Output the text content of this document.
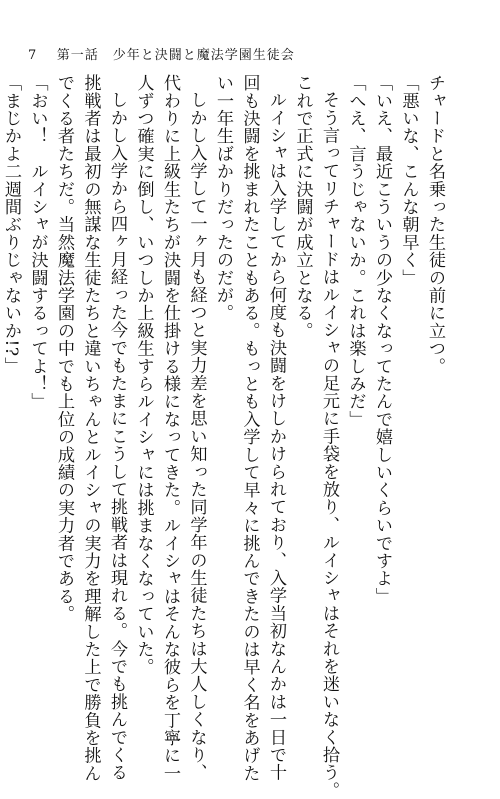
7 第一話　少年と決闘と魔法学園生徒会
チャードと名乗った生徒の前に立つ。
「悪いな、こんな朝早く」
「いえ、最近こういうの少なくなってたんで嬉しいくらいですよ」
「へえ、言うじゃないか。これは楽しみだ」
そう言ってリチャードはルイシャの足元に手袋を放り、ルイシャはそれを迷いなく拾う。
これで正式に決闘が成立となる。
ルイシャは入学してから何度も決闘をけしかけられており、入学当初なんかは一日で十
回も決闘を挑まれたこともある。もっとも入学して早々に挑んできたのは早く名をあげた
い一年生ばかりだったのだが。
しかし入学して一ヶ月も経つと実力差を思い知った同学年の生徒たちは大人しくなり、
代わりに上級生たちが決闘を仕掛ける様になってきた。ルイシャはそんな彼らを丁寧に一
人ずつ確実に倒し、いつしか上級生すらルイシャには挑まなくなっていた。
しかし入学から四ヶ月経った今でもたまにこうして挑戦者は現れる。今でも挑んでくる
挑戦者は最初の無謀な生徒たちと違いちゃんとルイシャの実力を理解した上で勝負を挑ん
でくる者たちだ。当然魔法学園の中でも上位の成績の実力者である。
「おい！　ルイシャが決闘するってよ！」
「まじかよ二週間ぶりじゃないか!?」
